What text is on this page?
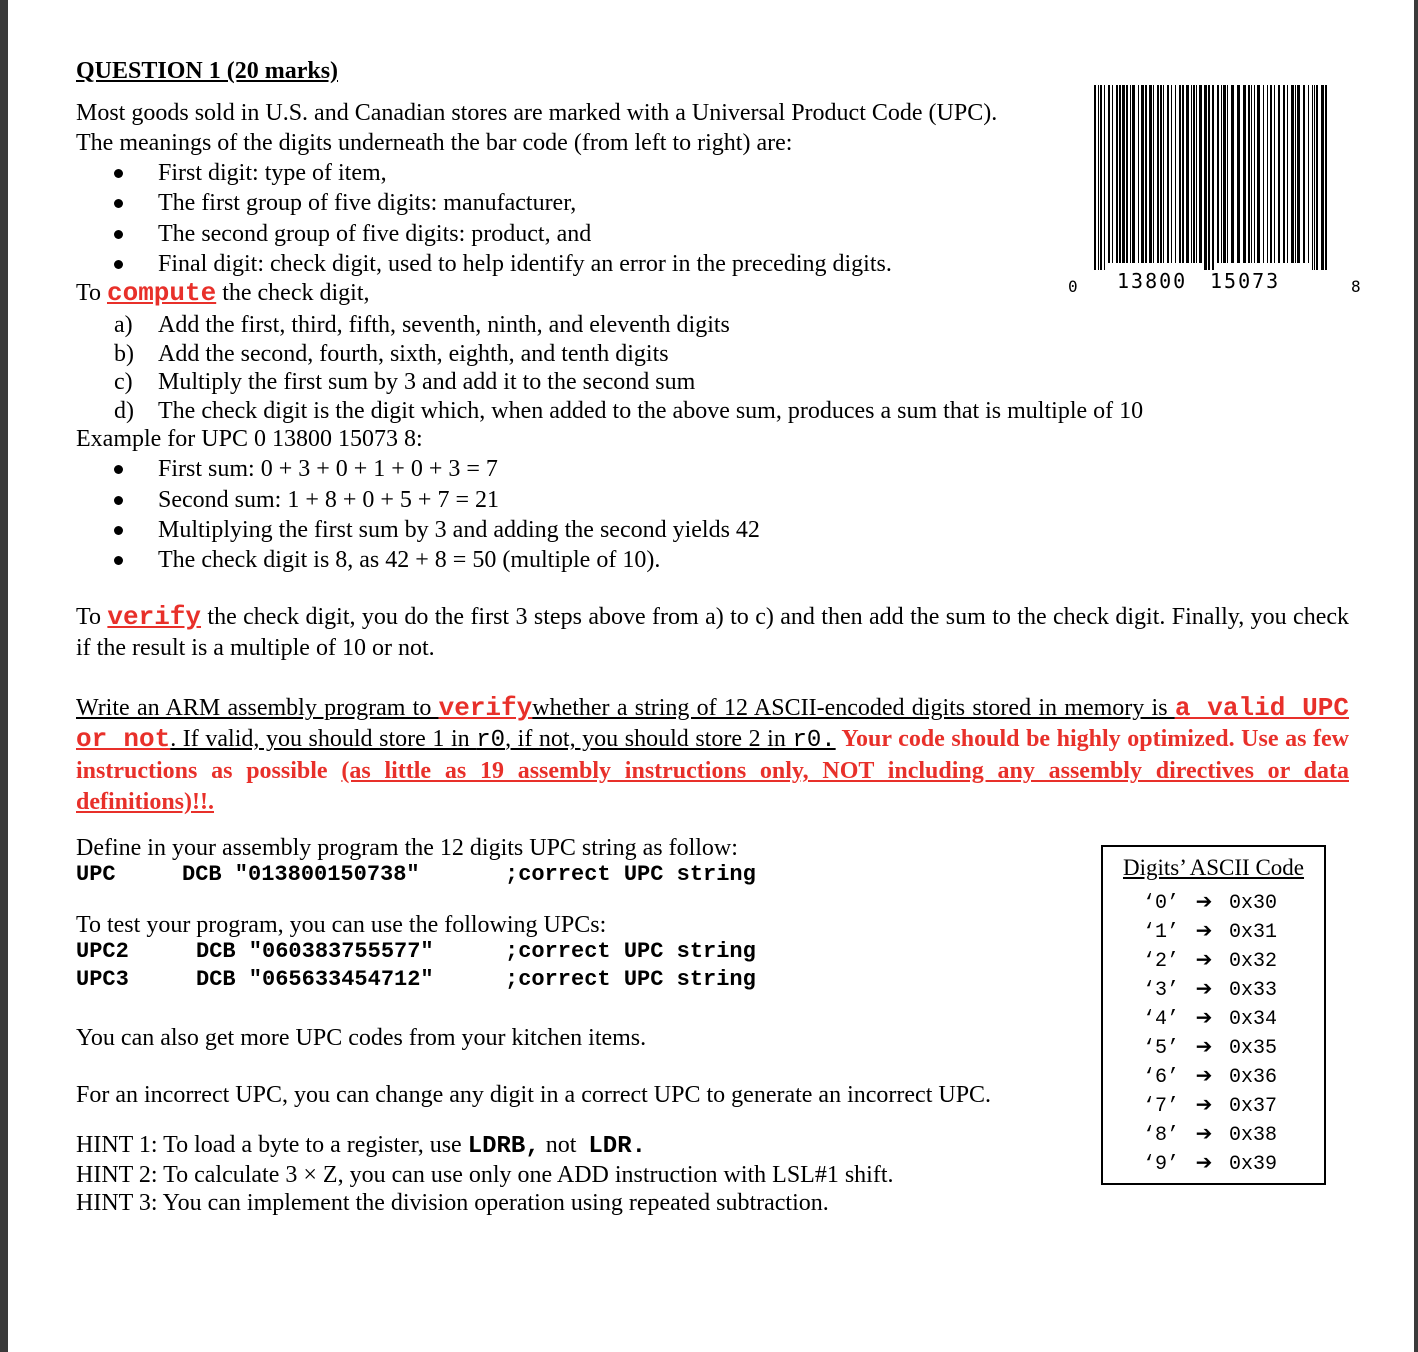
QUESTION 1 (20 marks)
Most goods sold in U.S. and Canadian stores are marked with a Universal Product Code (UPC).
The meanings of the digits underneath the bar code (from left to right) are:
First digit: type of item,
The first group of five digits: manufacturer,
The second group of five digits: product, and
Final digit: check digit, used to help identify an error in the preceding digits.
To compute the check digit,
a) Add the first, third, fifth, seventh, ninth, and eleventh digits
b) Add the second, fourth, sixth, eighth, and tenth digits
c) Multiply the first sum by 3 and add it to the second sum
d) The check digit is the digit which, when added to the above sum, produces a sum that is multiple of 10
Example for UPC 0 13800 15073 8:
First sum: 0 + 3 + 0 + 1 + 0 + 3 = 7
Second sum: 1 + 8 + 0 + 5 + 7 = 21
Multiplying the first sum by 3 and adding the second yields 42
The check digit is 8, as 42 + 8 = 50 (multiple of 10).
To verify the check digit, you do the first 3 steps above from a) to c) and then add the sum to the check digit. Finally, you check if the result is a multiple of 10 or not.
Write an ARM assembly program to verifywhether a string of 12 ASCII-encoded digits stored in memory is a valid UPC or not. If valid, you should store 1 in r0, if not, you should store 2 in r0. Your code should be highly optimized. Use as few instructions as possible (as little as 19 assembly instructions only, NOT including any assembly directives or data definitions)!!.
Define in your assembly program the 12 digits UPC string as follow:
UPC	DCB "013800150738"	;correct UPC string
To test your program, you can use the following UPCs:
UPC2	DCB "060383755577"	;correct UPC string
UPC3	DCB "065633454712"	;correct UPC string
You can also get more UPC codes from your kitchen items.
For an incorrect UPC, you can change any digit in a correct UPC to generate an incorrect UPC.
HINT 1: To load a byte to a register, use LDRB, not  LDR.
HINT 2: To calculate 3 × Z, you can use only one ADD instruction with LSL#1 shift.
HINT 3: You can implement the division operation using repeated subtraction.
0 13800 15073	8
Digits’ ASCII Code
‘0’ ➔ 0x30
‘1’ ➔ 0x31
‘2’ ➔ 0x32
‘3’ ➔ 0x33
‘4’ ➔ 0x34
‘5’ ➔ 0x35
‘6’ ➔ 0x36
‘7’ ➔ 0x37
‘8’ ➔ 0x38
‘9’ ➔ 0x39
